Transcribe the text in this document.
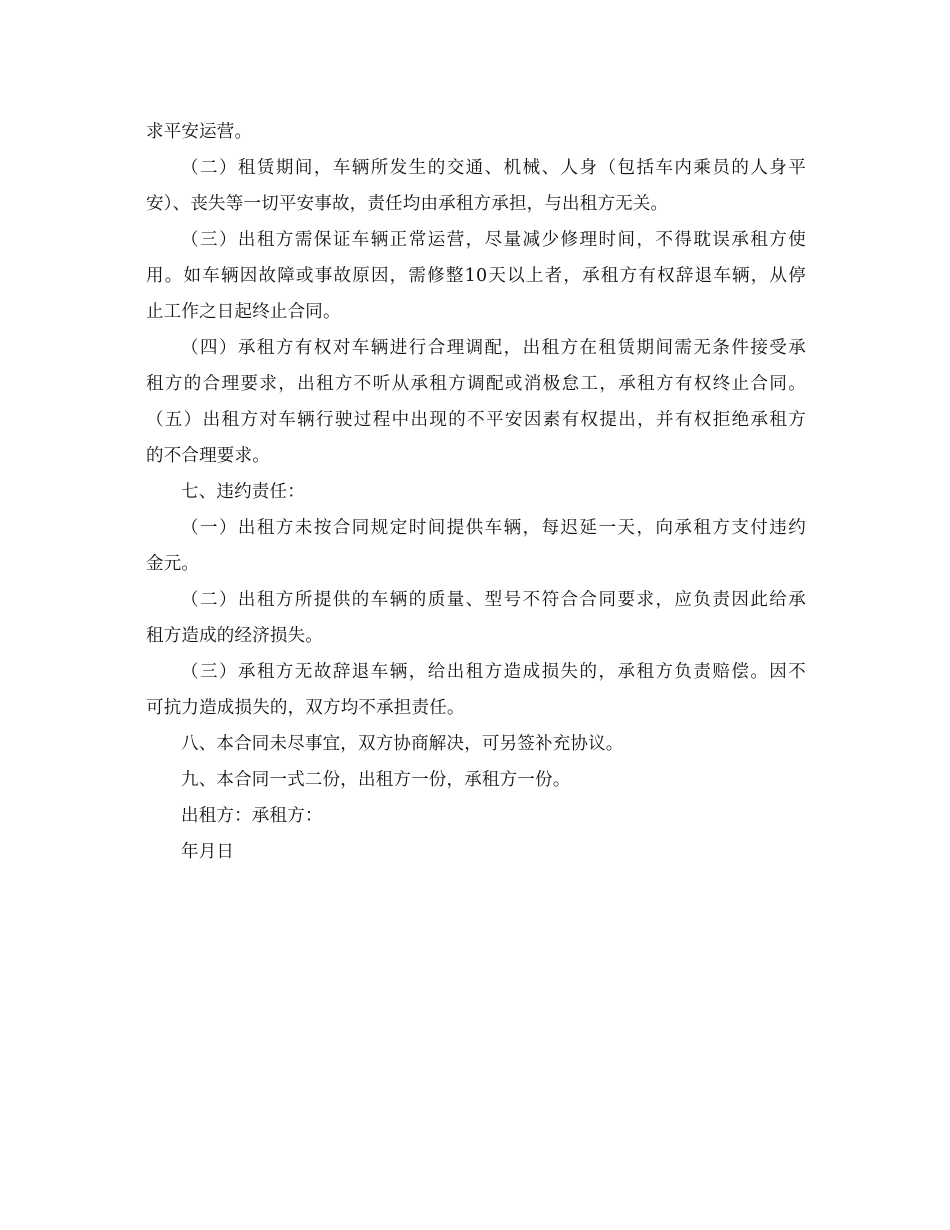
求平安运营。
（二）租赁期间，车辆所发生的交通、机械、人身（包括车内乘员的人身平
安）、丧失等一切平安事故，责任均由承租方承担，与出租方无关。
（三）出租方需保证车辆正常运营，尽量减少修理时间，不得耽误承租方使
用。如车辆因故障或事故原因，需修整10天以上者，承租方有权辞退车辆，从停
止工作之日起终止合同。
（四）承租方有权对车辆进行合理调配，出租方在租赁期间需无条件接受承
租方的合理要求，出租方不听从承租方调配或消极怠工，承租方有权终止合同。
（五）出租方对车辆行驶过程中出现的不平安因素有权提出，并有权拒绝承租方
的不合理要求。
七、违约责任：
（一）出租方未按合同规定时间提供车辆，每迟延一天，向承租方支付违约
金元。
（二）出租方所提供的车辆的质量、型号不符合合同要求，应负责因此给承
租方造成的经济损失。
（三）承租方无故辞退车辆，给出租方造成损失的，承租方负责赔偿。因不
可抗力造成损失的，双方均不承担责任。
八、本合同未尽事宜，双方协商解决，可另签补充协议。
九、本合同一式二份，出租方一份，承租方一份。
出租方：承租方：
年月日
